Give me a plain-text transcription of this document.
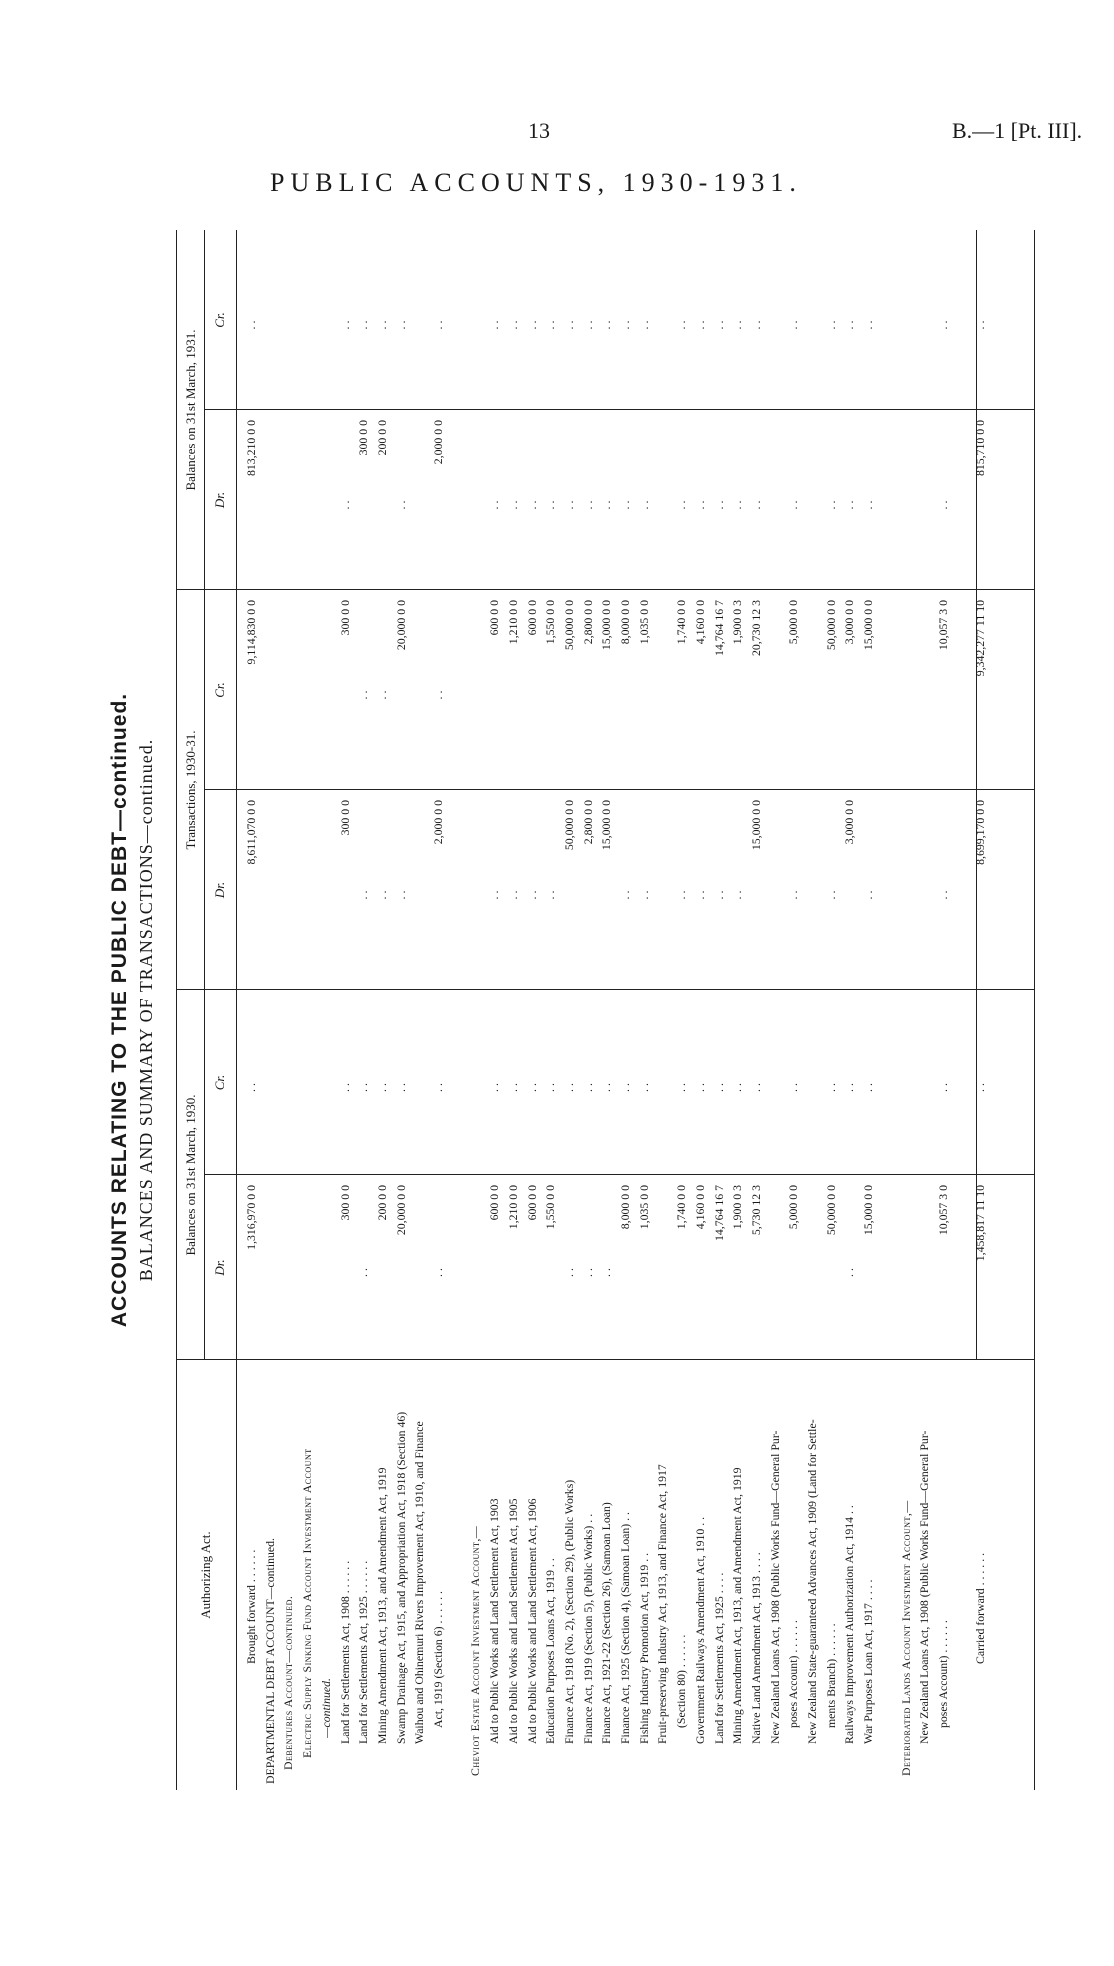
13	B.—1 [Pt. III].
PUBLIC ACCOUNTS, 1930-1931.
ACCOUNTS RELATING TO THE PUBLIC DEBT—continued. BALANCES AND SUMMARY OF TRANSACTIONS—continued.
Authorizing Act.
Balances on 31st March, 1930.
Transactions, 1930-31.
Balances on 31st March, 1931.
Dr.
Cr.
Dr.
Cr.
Dr.
Cr.
Brought forward . . . . . .
1,316,970 0 0
. .
8,611,070 0 0
9,114,830 0 0
813,210 0 0
. .
DEPARTMENTAL DEBT ACCOUNT—continued. Debentures Account—continued. Electric Supply Sinking Fund Account Investment Account —continued. Land for Settlements Act, 1908 . . . . . .
300 0 0
. .
300 0 0
300 0 0
. .
. .
Land for Settlements Act, 1925 . . . . . .
. .
. .
. .
. .
300 0 0
. .
Mining Amendment Act, 1913, and Amendment Act, 1919
200 0 0
. .
. .
. .
200 0 0
. .
Swamp Drainage Act, 1915, and Appropriation Act, 1918 (Section 46)
20,000 0 0
. .
. .
20,000 0 0
. .
. .
Waihou and Ohinemuri Rivers Improvement Act, 1910, and Finance Act, 1919 (Section 6) . . . . . .
. .
. .
2,000 0 0
. .
2,000 0 0
. .
Cheviot Estate Account Investment Account,— Aid to Public Works and Land Settlement Act, 1903
600 0 0
. .
. .
600 0 0
. .
. .
Aid to Public Works and Land Settlement Act, 1905
1,210 0 0
. .
. .
1,210 0 0
. .
. .
Aid to Public Works and Land Settlement Act, 1906
600 0 0
. .
. .
600 0 0
. .
. .
Education Purposes Loans Act, 1919 . .
1,550 0 0
. .
. .
1,550 0 0
. .
. .
Finance Act, 1918 (No. 2), (Section 29), (Public Works)
. .
. .
50,000 0 0
50,000 0 0
. .
. .
Finance Act, 1919 (Section 5), (Public Works) . .
. .
. .
2,800 0 0
2,800 0 0
. .
. .
Finance Act, 1921-22 (Section 26), (Samoan Loan)
. .
. .
15,000 0 0
15,000 0 0
. .
. .
Finance Act, 1925 (Section 4), (Samoan Loan) . .
8,000 0 0
. .
. .
8,000 0 0
. .
. .
Fishing Industry Promotion Act, 1919 . .
1,035 0 0
. .
. .
1,035 0 0
. .
. .
Fruit-preserving Industry Act, 1913, and Finance Act, 1917 (Section 80) . . . . . .
1,740 0 0
. .
. .
1,740 0 0
. .
. .
Government Railways Amendment Act, 1910 . .
4,160 0 0
. .
. .
4,160 0 0
. .
. .
Land for Settlements Act, 1925 . . . .
14,764 16 7
. .
. .
14,764 16 7
. .
. .
Mining Amendment Act, 1913, and Amendment Act, 1919
1,900 0 3
. .
. .
1,900 0 3
. .
. .
Native Land Amendment Act, 1913 . . . .
5,730 12 3
. .
15,000 0 0
20,730 12 3
. .
. .
New Zealand Loans Act, 1908 (Public Works Fund—General Pur- poses Account) . . . . . .
5,000 0 0
. .
. .
5,000 0 0
. .
. .
New Zealand State-guaranteed Advances Act, 1909 (Land for Settle- ments Branch) . . . . . .
50,000 0 0
. .
. .
50,000 0 0
. .
. .
Railways Improvement Authorization Act, 1914 . .
. .
. .
3,000 0 0
3,000 0 0
. .
. .
War Purposes Loan Act, 1917 . . . .
15,000 0 0
. .
. .
15,000 0 0
. .
. .
Deteriorated Lands Account Investment Account,— New Zealand Loans Act, 1908 (Public Works Fund—General Pur- poses Account) . . . . . .
10,057 3 0
. .
. .
10,057 3 0
. .
. .
Carried forward . . . . . .
1,458,817 11 10
. .
8,699,170 0 0
9,342,277 11 10
815,710 0 0
. .
